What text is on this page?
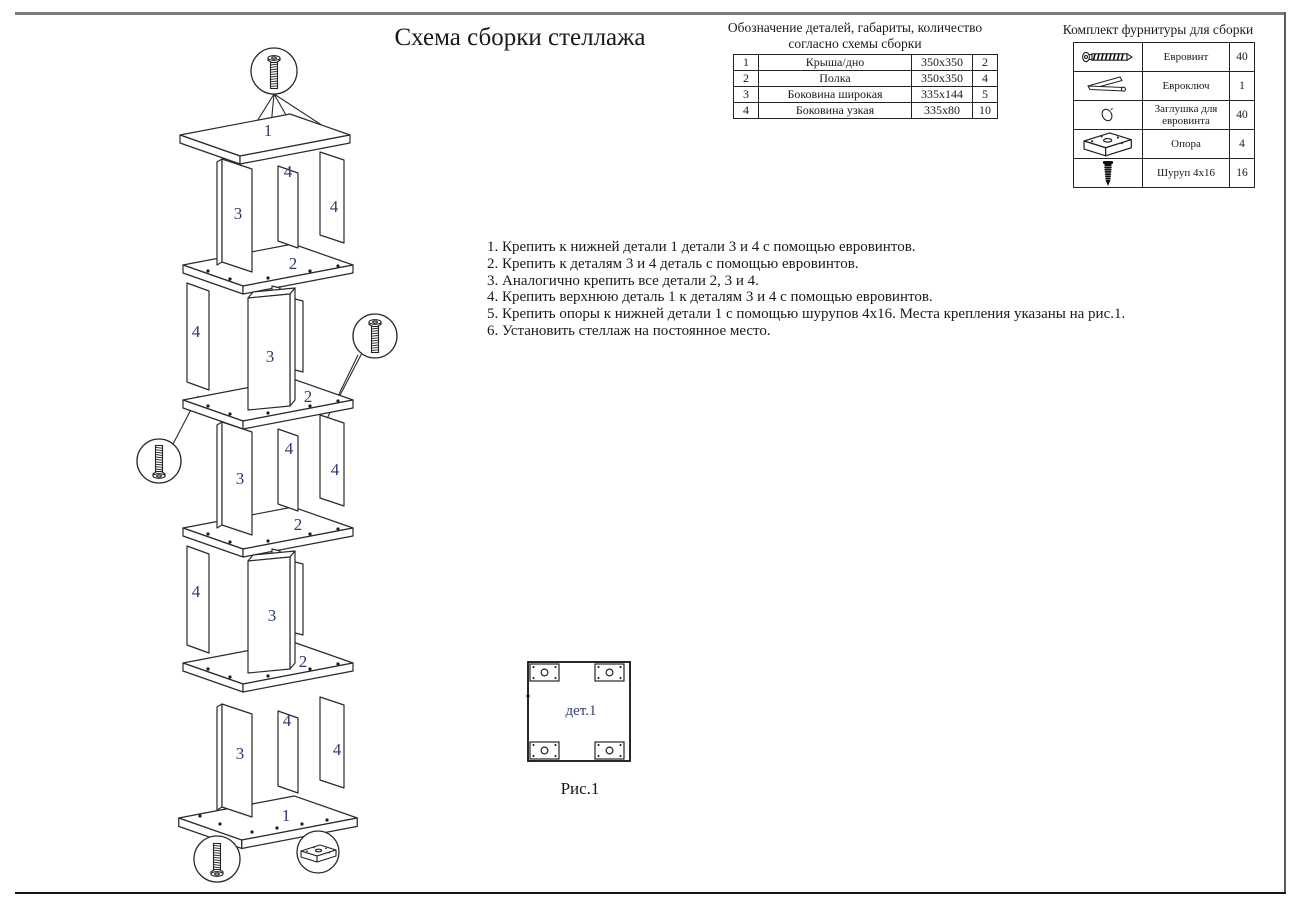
Схема сборки стеллажа
1
4
3	4
2
4
3
2
3
4
4
2
4
3
2
3
4
4
1
Обозначение деталей, габариты, количество
согласно схемы сборки
1	Крыша/дно	350x350	2
2	Полка	350x350	4
3	Боковина широкая	335x144	5
4	Боковина узкая	335x80	10
Комплект фурнитуры для сборки
	Евровинт	40

	Евроключ	1

	Заглушка для евровинта	40

	Опора	4

	Шуруп 4x16	16
1. Крепить к нижней детали 1 детали 3 и 4 с помощью евровинтов.
2. Крепить к деталям 3 и 4 деталь с помощью евровинтов.
3. Аналогично крепить все детали 2, 3 и 4.
4. Крепить верхнюю деталь 1 к деталям 3 и 4 с помощью евровинтов.
5. Крепить опоры к нижней детали 1 с помощью шурупов 4x16. Места крепления указаны на рис.1.
6. Установить стеллаж на постоянное место.
дет.1
Рис.1
